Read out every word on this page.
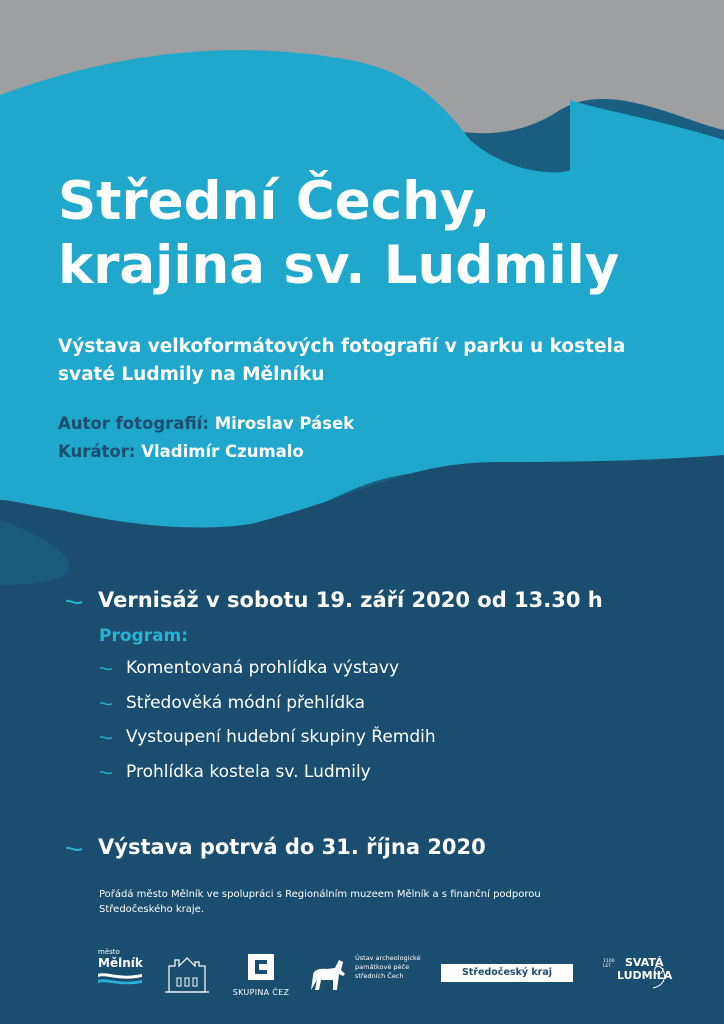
Střední Čechy,
krajina sv. Ludmily

Výstava velkoformátových fotografií v parku u kostela
svaté Ludmily na Mělníku

Autor fotografií: Miroslav Pásek
Kurátor: Vladimír Czumalo
Vernisáž v sobotu 19. září 2020 od 13.30 h
Program:
Komentovaná prohlídka výstavy
Středověká módní přehlídka
Vystoupení hudební skupiny Řemdih
Prohlídka kostela sv. Ludmily
Výstava potrvá do 31. října 2020

Pořádá město Mělník ve spolupráci s Regionálním muzeem Mělník a s finanční podporou
Středočeského kraje.

město
Mělník
SKUPINA ČEZ
Ústav archeologické
památkové péče
středních Čech	Středočeský kraj
1100 LET	SVATÁ
LUDMILA
